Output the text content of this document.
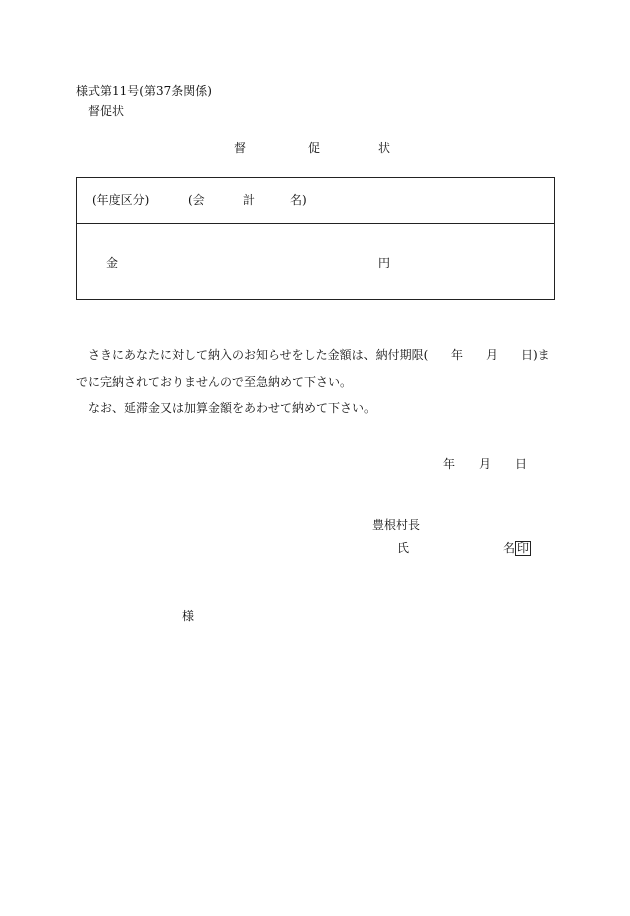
様式第11号(第37条関係)
督促状
督	促	状
(年度区分)	(会	計	名)
金	円
さきにあなたに対して納入のお知らせをした金額は、納付期限( 年 月 日)ま
でに完納されておりませんので至急納めて下さい。
なお、延滞金又は加算金額をあわせて納めて下さい。
年 月 日
豊根村長
氏	名 印
様
